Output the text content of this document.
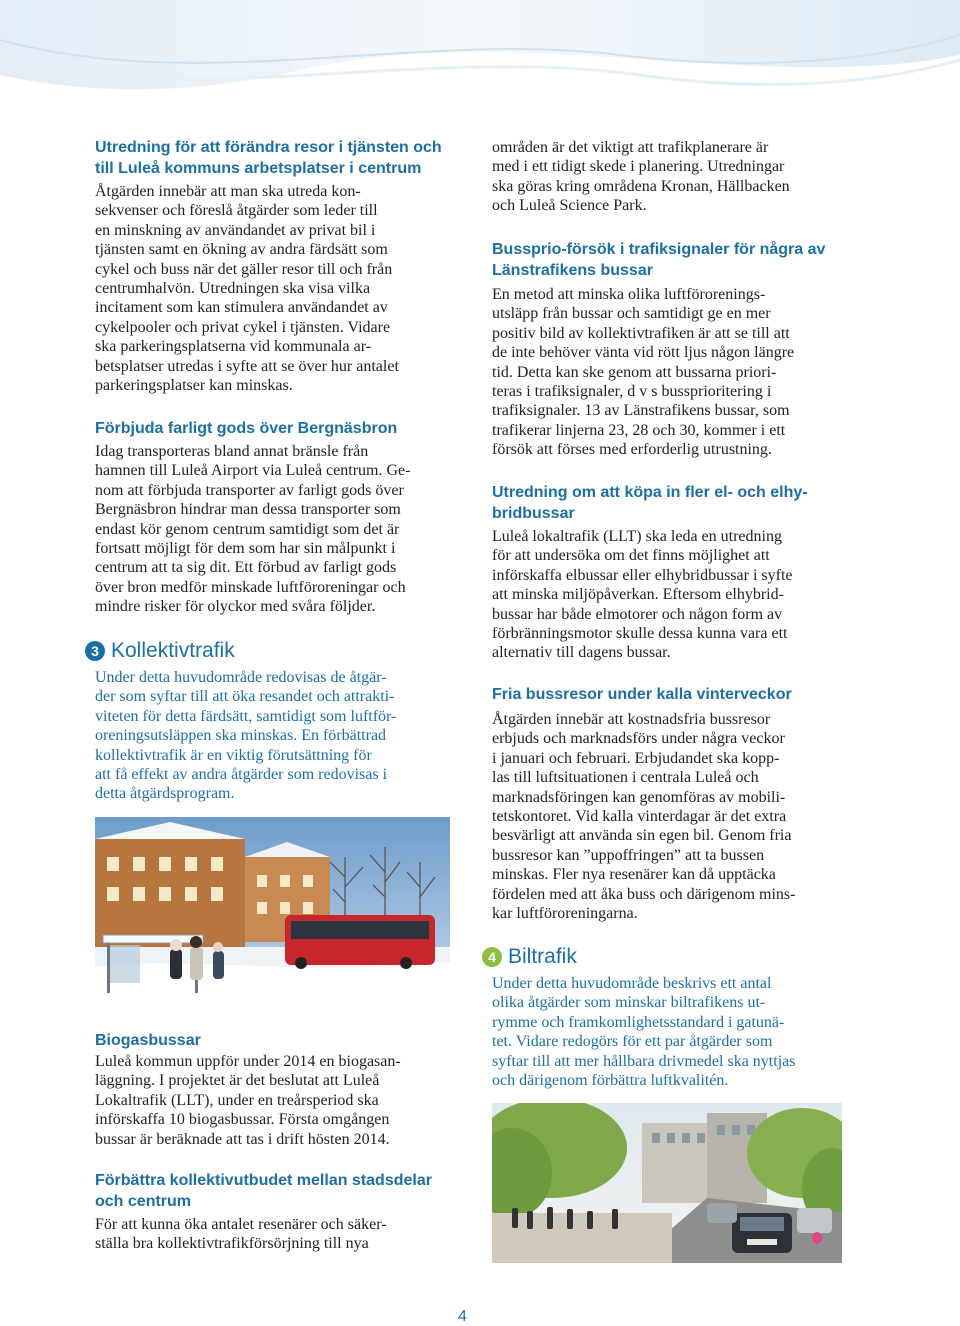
Utredning för att förändra resor i tjänsten och
till Luleå kommuns arbetsplatser i centrum

Åtgärden innebär att man ska utreda kon-
sekvenser och föreslå åtgärder som leder till
en minskning av användandet av privat bil i
tjänsten samt en ökning av andra färdsätt som
cykel och buss när det gäller resor till och från
centrumhalvön. Utredningen ska visa vilka
incitament som kan stimulera användandet av
cykelpooler och privat cykel i tjänsten. Vidare
ska parkeringsplatserna vid kommunala ar-
betsplatser utredas i syfte att se över hur antalet
parkeringsplatser kan minskas.

Förbjuda farligt gods över Bergnäsbron

Idag transporteras bland annat bränsle från
hamnen till Luleå Airport via Luleå centrum. Ge-
nom att förbjuda transporter av farligt gods över
Bergnäsbron hindrar man dessa transporter som
endast kör genom centrum samtidigt som det är
fortsatt möjligt för dem som har sin målpunkt i
centrum att ta sig dit. Ett förbud av farligt gods
över bron medför minskade luftföroreningar och
mindre risker för olyckor med svåra följder.

3 Kollektivtrafik

Under detta huvudområde redovisas de åtgär-
der som syftar till att öka resandet och attrakti-
viteten för detta färdsätt, samtidigt som luftför-
oreningsutsläppen ska minskas. En förbättrad
kollektivtrafik är en viktig förutsättning för
att få effekt av andra åtgärder som redovisas i
detta åtgärdsprogram.

Biogasbussar

Luleå kommun uppför under 2014 en biogasan-
läggning. I projektet är det beslutat att Luleå
Lokaltrafik (LLT), under en treårsperiod ska
införskaffa 10 biogasbussar. Första omgången
bussar är beräknade att tas i drift hösten 2014.

Förbättra kollektivutbudet mellan stadsdelar
och centrum

För att kunna öka antalet resenärer och säker-
ställa bra kollektivtrafikförsörjning till nya

områden är det viktigt att trafikplanerare är
med i ett tidigt skede i planering. Utredningar
ska göras kring områdena Kronan, Hällbacken
och Luleå Science Park.

Bussprio-försök i trafiksignaler för några av
Länstrafikens bussar

En metod att minska olika luftförorenings-
utsläpp från bussar och samtidigt ge en mer
positiv bild av kollektivtrafiken är att se till att
de inte behöver vänta vid rött ljus någon längre
tid. Detta kan ske genom att bussarna priori-
teras i trafiksignaler, d v s bussprioritering i
trafiksignaler. 13 av Länstrafikens bussar, som
trafikerar linjerna 23, 28 och 30, kommer i ett
försök att förses med erforderlig utrustning.

Utredning om att köpa in fler el- och elhy-
bridbussar

Luleå lokaltrafik (LLT) ska leda en utredning
för att undersöka om det finns möjlighet att
införskaffa elbussar eller elhybridbussar i syfte
att minska miljöpåverkan. Eftersom elhybrid-
bussar har både elmotorer och någon form av
förbränningsmotor skulle dessa kunna vara ett
alternativ till dagens bussar.

Fria bussresor under kalla vinterveckor

Åtgärden innebär att kostnadsfria bussresor
erbjuds och marknadsförs under några veckor
i januari och februari. Erbjudandet ska kopp-
las till luftsituationen i centrala Luleå och
marknadsföringen kan genomföras av mobili-
tetskontoret. Vid kalla vinterdagar är det extra
besvärligt att använda sin egen bil. Genom fria
bussresor kan ”uppoffringen” att ta bussen
minskas. Fler nya resenärer kan då upptäcka
fördelen med att åka buss och därigenom mins-
kar luftföroreningarna.

4 Biltrafik

Under detta huvudområde beskrivs ett antal
olika åtgärder som minskar biltrafikens ut-
rymme och framkomlighetsstandard i gatunä-
tet. Vidare redogörs för ett par åtgärder som
syftar till att mer hållbara drivmedel ska nyttjas
och därigenom förbättra luftkvalitén.

4
